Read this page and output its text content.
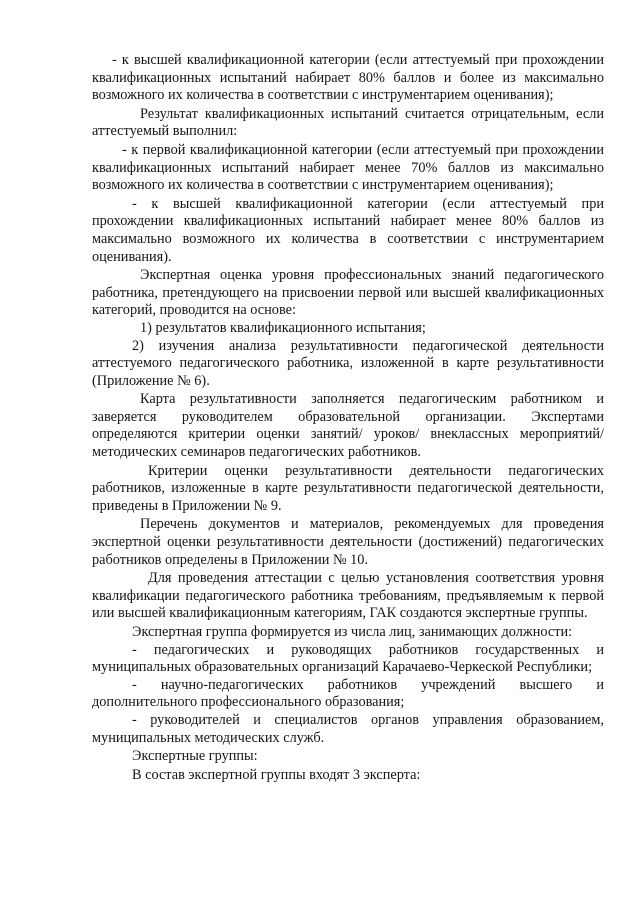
- к высшей квалификационной категории (если аттестуемый при прохождении квалификационных испытаний набирает 80% баллов и более из максимально возможного их количества в соответствии с инструментарием оценивания);

Результат квалификационных испытаний считается отрицательным, если аттестуемый выполнил:

- к первой квалификационной категории (если аттестуемый при прохождении квалификационных испытаний набирает менее 70% баллов из максимально возможного их количества в соответствии с инструментарием оценивания);

- к высшей квалификационной категории (если аттестуемый при прохождении квалификационных испытаний набирает менее 80% баллов из максимально возможного их количества в соответствии с инструментарием оценивания).

Экспертная оценка уровня профессиональных знаний педагогического работника, претендующего на присвоении первой или высшей квалификационных категорий, проводится на основе:

1) результатов квалификационного испытания;

2) изучения анализа результативности педагогической деятельности аттестуемого педагогического работника, изложенной в карте результативности (Приложение № 6).

Карта результативности заполняется педагогическим работником и заверяется руководителем образовательной организации. Экспертами определяются критерии оценки занятий/ уроков/ внеклассных мероприятий/ методических семинаров педагогических работников.

Критерии оценки результативности деятельности педагогических работников, изложенные в карте результативности педагогической деятельности, приведены в Приложении № 9.

Перечень документов и материалов, рекомендуемых для проведения экспертной оценки результативности деятельности (достижений) педагогических работников определены в Приложении № 10.

Для проведения аттестации с целью установления соответствия уровня квалификации педагогического работника требованиям, предъявляемым к первой или высшей квалификационным категориям, ГАК создаются экспертные группы.

Экспертная группа формируется из числа лиц, занимающих должности:

- педагогических и руководящих работников государственных и муниципальных образовательных организаций Карачаево-Черкеской Республики;

- научно-педагогических работников учреждений высшего и дополнительного профессионального образования;

- руководителей и специалистов органов управления образованием, муниципальных методических служб.

Экспертные группы:

В состав экспертной группы входят 3 эксперта:
